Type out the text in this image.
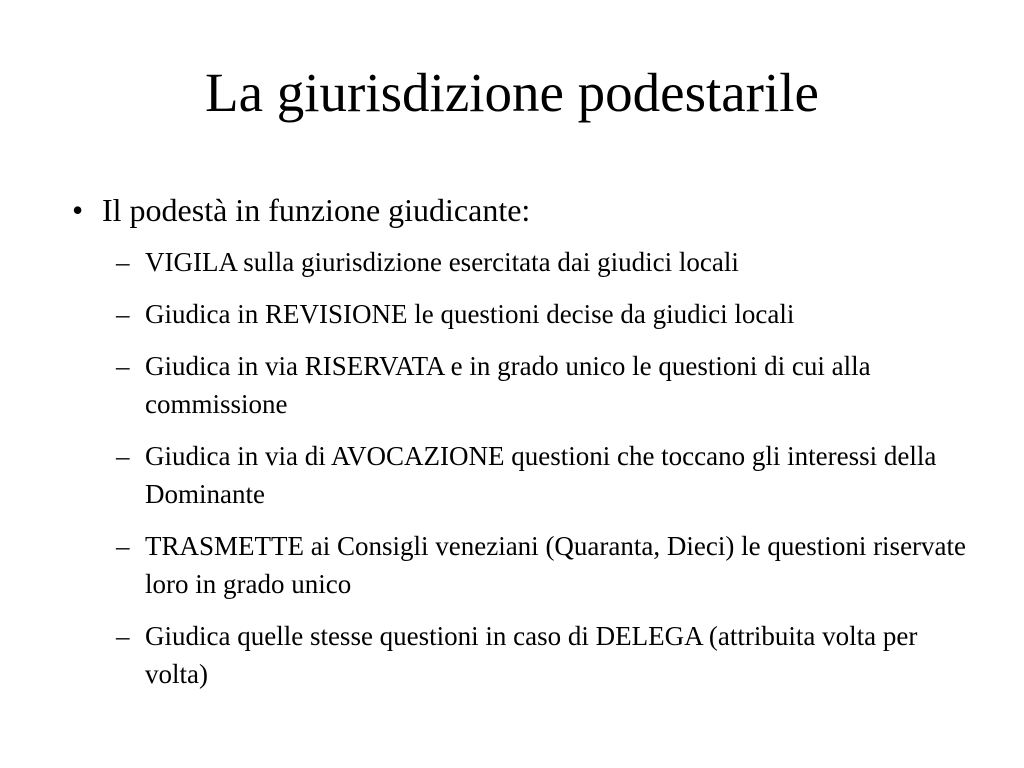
La giurisdizione podestarile
• Il podestà in funzione giudicante:
– VIGILA sulla giurisdizione esercitata dai giudici locali
– Giudica in REVISIONE le questioni decise da giudici locali
– Giudica in via RISERVATA e in grado unico le questioni di cui alla commissione
– Giudica in via di AVOCAZIONE questioni che toccano gli interessi della Dominante
– TRASMETTE ai Consigli veneziani (Quaranta, Dieci) le questioni riservate loro in grado unico
– Giudica quelle stesse questioni in caso di DELEGA (attribuita volta per volta)
